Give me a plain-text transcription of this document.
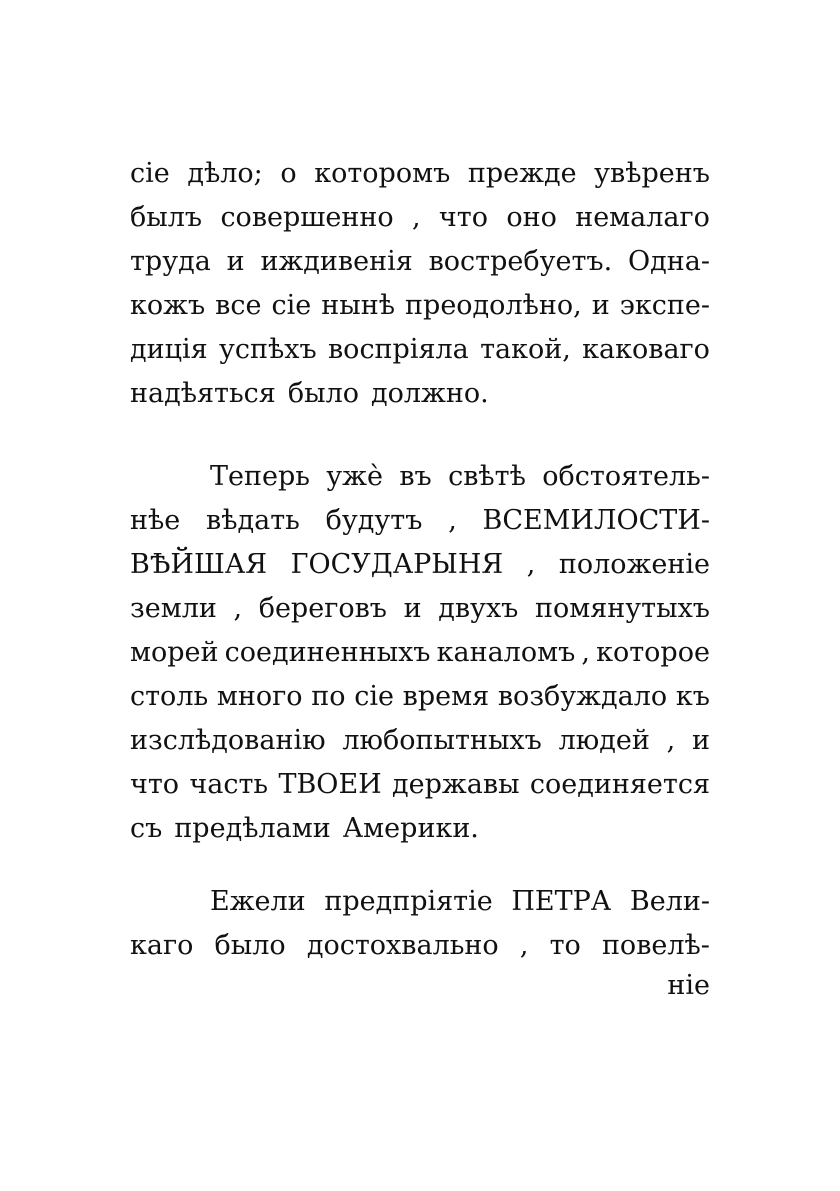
сіе дѣло; о которомъ прежде увѣренъ
былъ совершенно , что оно немалаго
труда и иждивенія востребуетъ. Одна-
кожъ все сіе нынѣ преодолѣно, и экспе-
диція успѣхъ воспріяла такой, каковаго
надѣяться было должно.
Теперь ужѐ въ свѣтѣ обстоятель-
нѣе вѣдать будутъ , ВСЕМИЛОСТИ-
ВѢЙШАЯ ГОСУДАРЫНЯ , положеніе
земли , береговъ и двухъ помянутыхъ
морей соединенныхъ каналомъ , которое
столь много по сіе время возбуждало къ
изслѣдованію любопытныхъ людей , и
что часть ТВОЕИ державы соединяется
съ предѣлами Америки.
Ежели предпріятіе ПЕТРА Вели-
каго было достохвально , то повелѣ-
ніе
